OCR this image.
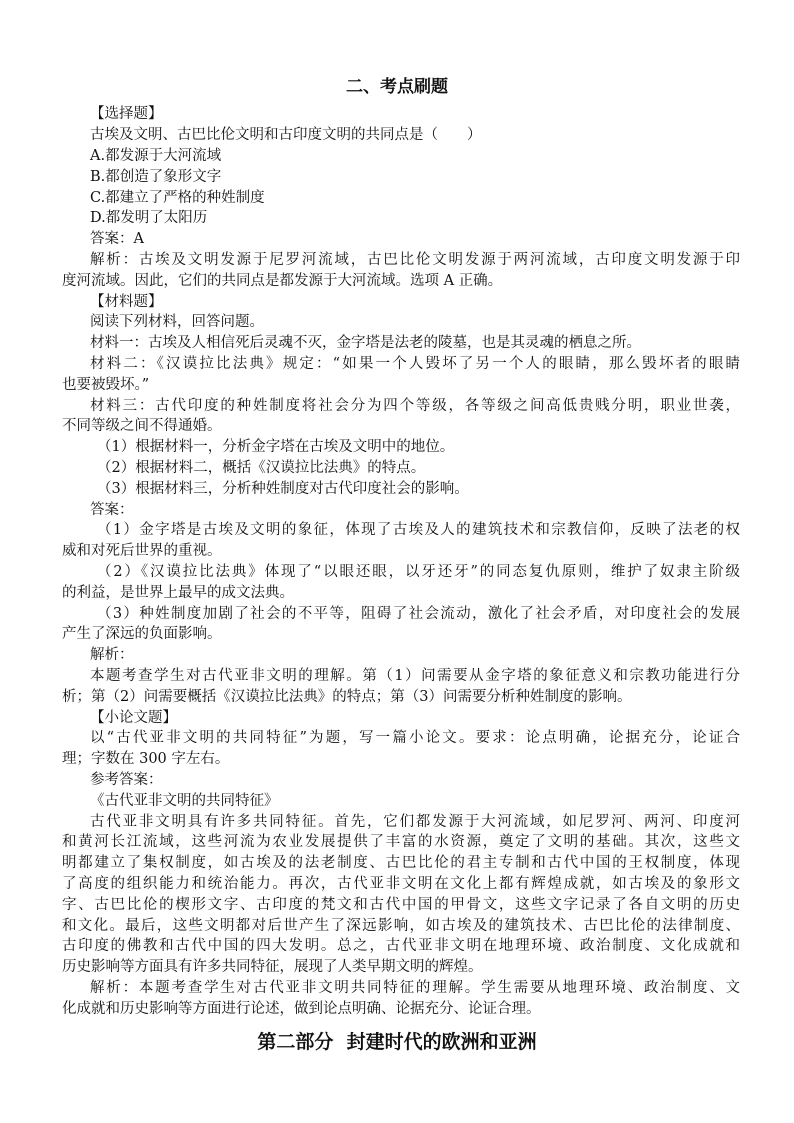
二、考点刷题
【选择题】
古埃及文明、古巴比伦文明和古印度文明的共同点是（　　）
A.都发源于大河流域
B.都创造了象形文字
C.都建立了严格的种姓制度
D.都发明了太阳历
答案：A
解析：古埃及文明发源于尼罗河流域，古巴比伦文明发源于两河流域，古印度文明发源于印
度河流域。因此，它们的共同点是都发源于大河流域。选项 A 正确。
【材料题】
阅读下列材料，回答问题。
材料一：古埃及人相信死后灵魂不灭，金字塔是法老的陵墓，也是其灵魂的栖息之所。
材料二：《汉谟拉比法典》规定：“如果一个人毁坏了另一个人的眼睛，那么毁坏者的眼睛
也要被毁坏。”
材料三：古代印度的种姓制度将社会分为四个等级，各等级之间高低贵贱分明，职业世袭，
不同等级之间不得通婚。
（1）根据材料一，分析金字塔在古埃及文明中的地位。
（2）根据材料二，概括《汉谟拉比法典》的特点。
（3）根据材料三，分析种姓制度对古代印度社会的影响。
答案：
（1）金字塔是古埃及文明的象征，体现了古埃及人的建筑技术和宗教信仰，反映了法老的权
威和对死后世界的重视。
（2）《汉谟拉比法典》体现了“以眼还眼，以牙还牙”的同态复仇原则，维护了奴隶主阶级
的利益，是世界上最早的成文法典。
（3）种姓制度加剧了社会的不平等，阻碍了社会流动，激化了社会矛盾，对印度社会的发展
产生了深远的负面影响。
解析：
本题考查学生对古代亚非文明的理解。第（1）问需要从金字塔的象征意义和宗教功能进行分
析；第（2）问需要概括《汉谟拉比法典》的特点；第（3）问需要分析种姓制度的影响。
【小论文题】
以“古代亚非文明的共同特征”为题，写一篇小论文。要求：论点明确，论据充分，论证合
理；字数在 300 字左右。
参考答案：
《古代亚非文明的共同特征》
古代亚非文明具有许多共同特征。首先，它们都发源于大河流域，如尼罗河、两河、印度河
和黄河长江流域，这些河流为农业发展提供了丰富的水资源，奠定了文明的基础。其次，这些文
明都建立了集权制度，如古埃及的法老制度、古巴比伦的君主专制和古代中国的王权制度，体现
了高度的组织能力和统治能力。再次，古代亚非文明在文化上都有辉煌成就，如古埃及的象形文
字、古巴比伦的楔形文字、古印度的梵文和古代中国的甲骨文，这些文字记录了各自文明的历史
和文化。最后，这些文明都对后世产生了深远影响，如古埃及的建筑技术、古巴比伦的法律制度、
古印度的佛教和古代中国的四大发明。总之，古代亚非文明在地理环境、政治制度、文化成就和
历史影响等方面具有许多共同特征，展现了人类早期文明的辉煌。
解析：本题考查学生对古代亚非文明共同特征的理解。学生需要从地理环境、政治制度、文
化成就和历史影响等方面进行论述，做到论点明确、论据充分、论证合理。
第二部分  封建时代的欧洲和亚洲
